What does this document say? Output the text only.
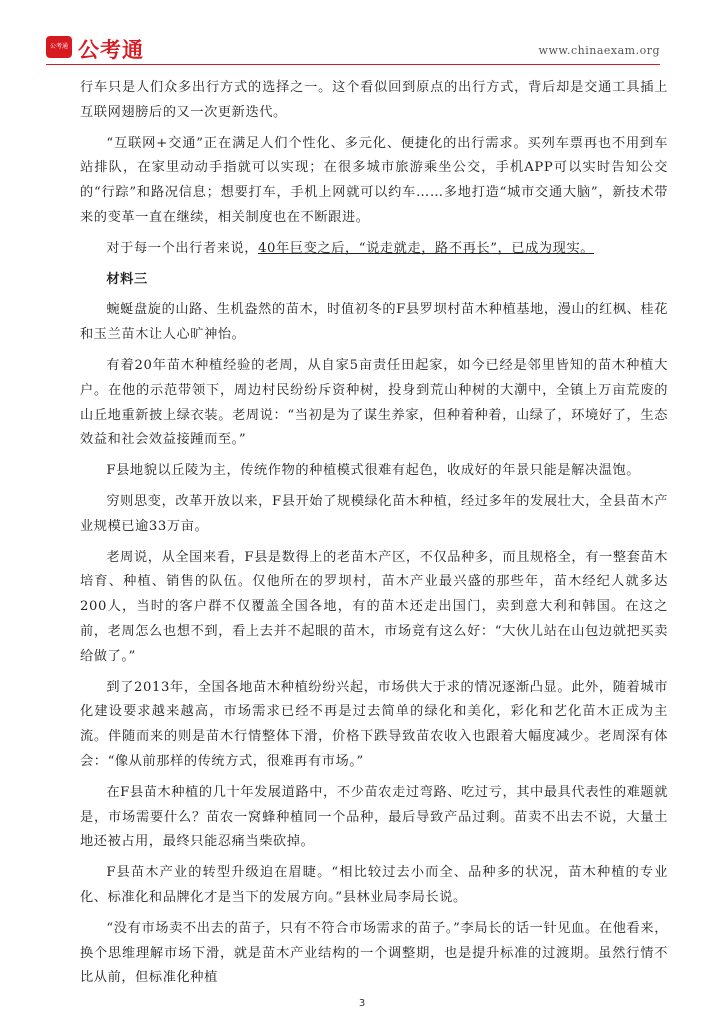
公考通 公考通	www.chinaexam.org

行车只是人们众多出行方式的选择之一。这个看似回到原点的出行方式，背后却是交通工具插上互联网翅膀后的又一次更新迭代。

“互联网+交通”正在满足人们个性化、多元化、便捷化的出行需求。买列车票再也不用到车站排队，在家里动动手指就可以实现；在很多城市旅游乘坐公交，手机APP可以实时告知公交的“行踪”和路况信息；想要打车，手机上网就可以约车……多地打造“城市交通大脑”，新技术带来的变革一直在继续，相关制度也在不断跟进。

对于每一个出行者来说，40年巨变之后，“说走就走，路不再长”，已成为现实。

材料三

蜿蜒盘旋的山路、生机盎然的苗木，时值初冬的F县罗坝村苗木种植基地，漫山的红枫、桂花和玉兰苗木让人心旷神怡。

有着20年苗木种植经验的老周，从自家5亩责任田起家，如今已经是邻里皆知的苗木种植大户。在他的示范带领下，周边村民纷纷斥资种树，投身到荒山种树的大潮中，全镇上万亩荒废的山丘地重新披上绿衣装。老周说：“当初是为了谋生养家，但种着种着，山绿了，环境好了，生态效益和社会效益接踵而至。”

F县地貌以丘陵为主，传统作物的种植模式很难有起色，收成好的年景只能是解决温饱。

穷则思变，改革开放以来，F县开始了规模绿化苗木种植，经过多年的发展壮大，全县苗木产业规模已逾33万亩。

老周说，从全国来看，F县是数得上的老苗木产区，不仅品种多，而且规格全，有一整套苗木培育、种植、销售的队伍。仅他所在的罗坝村，苗木产业最兴盛的那些年，苗木经纪人就多达200人，当时的客户群不仅覆盖全国各地，有的苗木还走出国门，卖到意大利和韩国。在这之前，老周怎么也想不到，看上去并不起眼的苗木，市场竟有这么好：“大伙儿站在山包边就把买卖给做了。”

到了2013年，全国各地苗木种植纷纷兴起，市场供大于求的情况逐渐凸显。此外，随着城市化建设要求越来越高，市场需求已经不再是过去简单的绿化和美化，彩化和艺化苗木正成为主流。伴随而来的则是苗木行情整体下滑，价格下跌导致苗农收入也跟着大幅度减少。老周深有体会：“像从前那样的传统方式，很难再有市场。”

在F县苗木种植的几十年发展道路中，不少苗农走过弯路、吃过亏，其中最具代表性的难题就是，市场需要什么？苗农一窝蜂种植同一个品种，最后导致产品过剩。苗卖不出去不说，大量土地还被占用，最终只能忍痛当柴砍掉。

F县苗木产业的转型升级迫在眉睫。“相比较过去小而全、品种多的状况，苗木种植的专业化、标准化和品牌化才是当下的发展方向。”县林业局李局长说。

“没有市场卖不出去的苗子，只有不符合市场需求的苗子。”李局长的话一针见血。在他看来，换个思维理解市场下滑，就是苗木产业结构的一个调整期，也是提升标准的过渡期。虽然行情不比从前，但标准化种植

3
